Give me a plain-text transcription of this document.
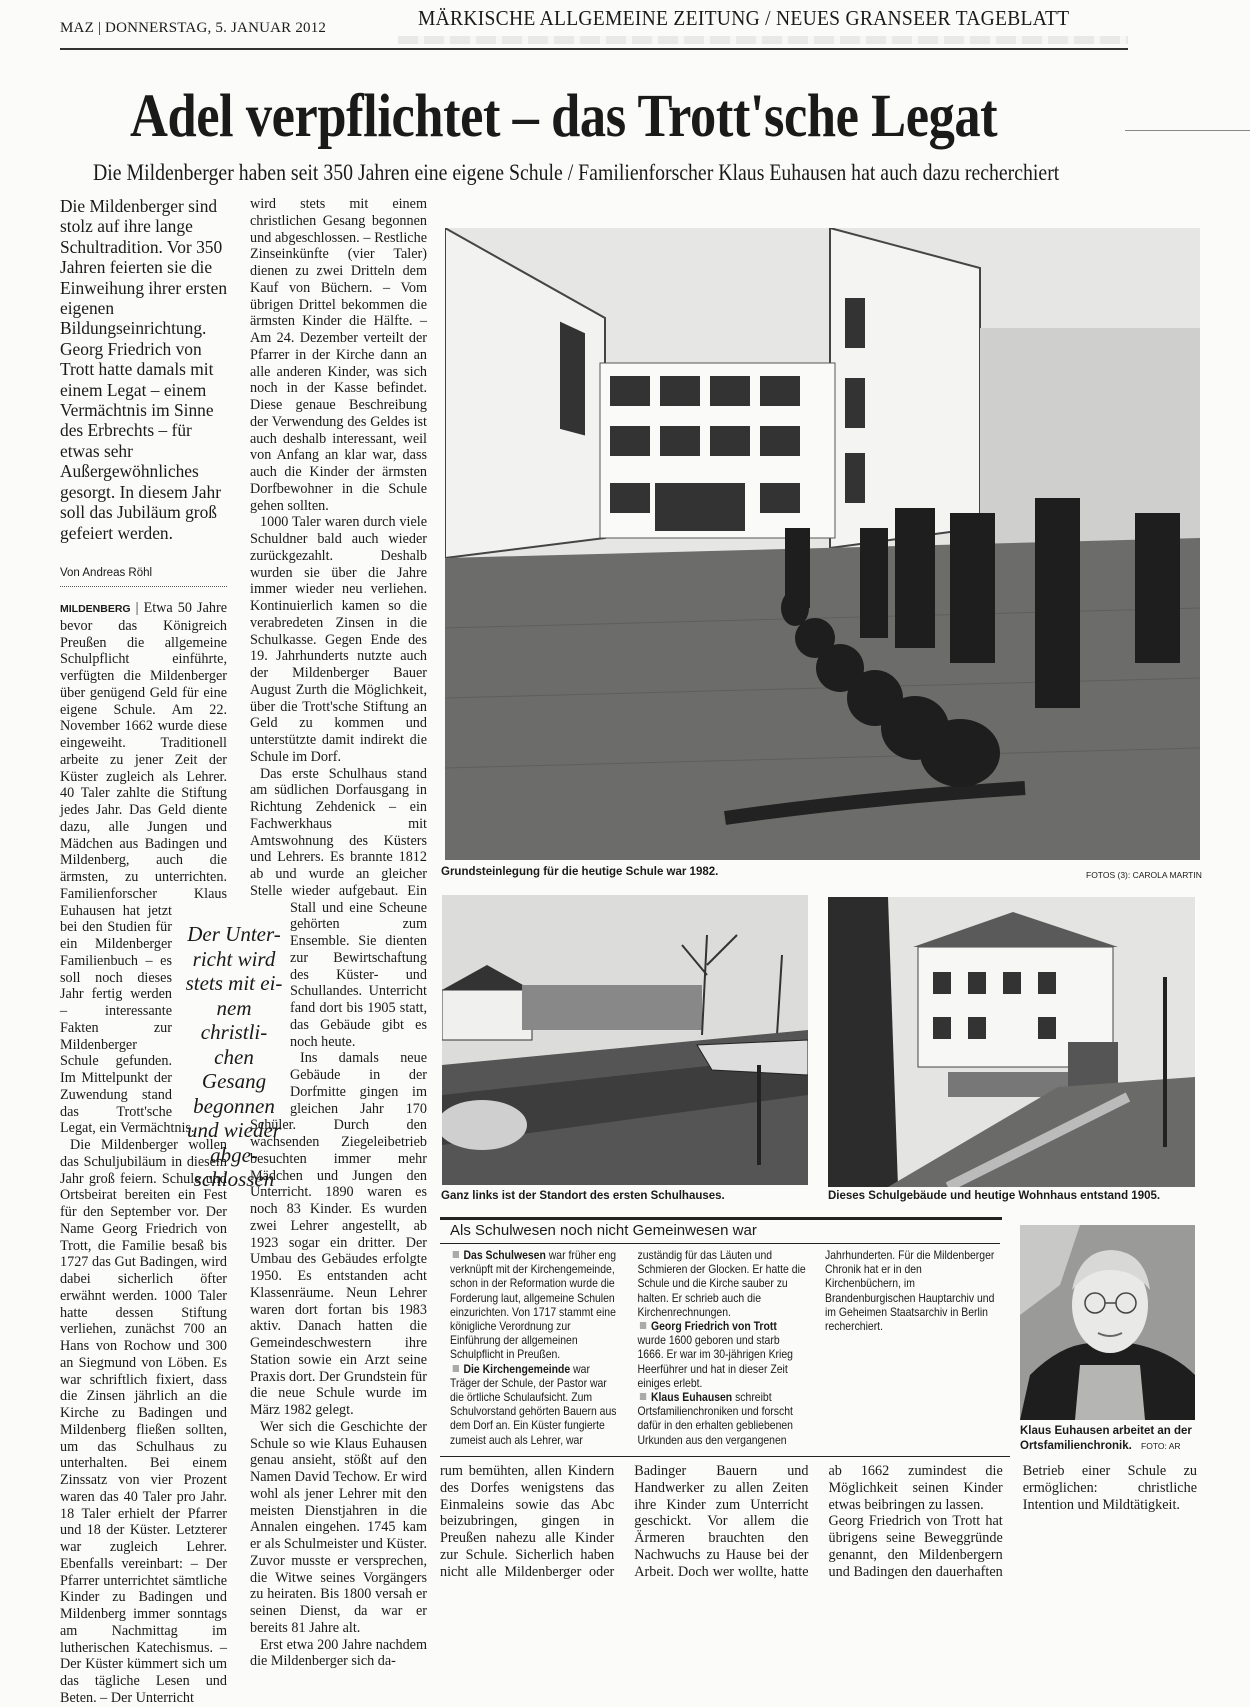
MAZ | DONNERSTAG, 5. JANUAR 2012	MÄRKISCHE ALLGEMEINE ZEITUNG / NEUES GRANSEER TAGEBLATT
Adel verpflichtet – das Trott'sche Legat
Die Mildenberger haben seit 350 Jahren eine eigene Schule / Familienforscher Klaus Euhausen hat auch dazu recherchiert
Die Mildenberger sind stolz auf ihre lange Schultradition. Vor 350 Jahren feierten sie die Einweihung ihrer ersten eigenen Bildungseinrichtung. Georg Friedrich von Trott hatte damals mit einem Legat – einem Vermächtnis im Sinne des Erbrechts – für etwas sehr Außergewöhnliches gesorgt. In diesem Jahr soll das Jubiläum groß gefeiert werden.
Von Andreas Röhl

MILDENBERG | Etwa 50 Jahre bevor das Königreich Preußen die allgemeine Schulpflicht einführte, verfügten die Mildenberger über genügend Geld für eine eigene Schule. Am 22. November 1662 wurde diese eingeweiht. Traditionell arbeite zu jener Zeit der Küster zugleich als Lehrer. 40 Taler zahlte die Stiftung jedes Jahr. Das Geld diente dazu, alle Jungen und Mädchen aus Badingen und Mildenberg, auch die ärmsten, zu unterrichten. Familienforscher Klaus Euhausen hat jetzt bei den Studien für ein Mildenberger Familienbuch – es soll noch dieses Jahr fertig werden – interessante Fakten zur Mildenberger Schule gefunden. Im Mittelpunkt der Zuwendung stand das Trott'sche Legat, ein Vermächtnis.

Die Mildenberger wollen das Schuljubiläum in diesem Jahr groß feiern. Schule und Ortsbeirat bereiten ein Fest für den September vor. Der Name Georg Friedrich von Trott, die Familie besaß bis 1727 das Gut Badingen, wird dabei sicherlich öfter erwähnt werden. 1000 Taler hatte dessen Stiftung verliehen, zunächst 700 an Hans von Rochow und 300 an Siegmund von Löben. Es war schriftlich fixiert, dass die Zinsen jährlich an die Kirche zu Badingen und Mildenberg fließen sollten, um das Schulhaus zu unterhalten. Bei einem Zinssatz von vier Prozent waren das 40 Taler pro Jahr. 18 Taler erhielt der Pfarrer und 18 der Küster. Letzterer war zugleich Lehrer. Ebenfalls vereinbart: – Der Pfarrer unterrichtet sämtliche Kinder zu Badingen und Mildenberg immer sonntags am Nachmittag im lutherischen Katechismus. – Der Küster kümmert sich um das tägliche Lesen und Beten. – Der Unterricht

wird stets mit einem christlichen Gesang begonnen und abgeschlossen. – Restliche Zinseinkünfte (vier Taler) dienen zu zwei Dritteln dem Kauf von Büchern. – Vom übrigen Drittel bekommen die ärmsten Kinder die Hälfte. – Am 24. Dezember verteilt der Pfarrer in der Kirche dann an alle anderen Kinder, was sich noch in der Kasse befindet. Diese genaue Beschreibung der Verwendung des Geldes ist auch deshalb interessant, weil von Anfang an klar war, dass auch die Kinder der ärmsten Dorfbewohner in die Schule gehen sollten.

1000 Taler waren durch viele Schuldner bald auch wieder zurückgezahlt. Deshalb wurden sie über die Jahre immer wieder neu verliehen. Kontinuierlich kamen so die verabredeten Zinsen in die Schulkasse. Gegen Ende des 19. Jahrhunderts nutzte auch der Mildenberger Bauer August Zurth die Möglichkeit, über die Trott'sche Stiftung an Geld zu kommen und unterstützte damit indirekt die Schule im Dorf.

Das erste Schulhaus stand am südlichen Dorfausgang in Richtung Zehdenick – ein Fachwerkhaus mit Amtswohnung des Küsters und Lehrers. Es brannte 1812 ab und wurde an gleicher Stelle wieder aufgebaut. Ein Stall und eine Scheune gehörten zum Ensemble. Sie dienten zur Bewirtschaftung des Küster- und Schullandes. Unterricht fand dort bis 1905 statt, das Gebäude gibt es noch heute.

Ins damals neue Gebäude in der Dorfmitte gingen im gleichen Jahr 170 Schüler. Durch den wachsenden Ziegeleibetrieb besuchten immer mehr Mädchen und Jungen den Unterricht. 1890 waren es noch 83 Kinder. Es wurden zwei Lehrer angestellt, ab 1923 sogar ein dritter. Der Umbau des Gebäudes erfolgte 1950. Es entstanden acht Klassenräume. Neun Lehrer waren dort fortan bis 1983 aktiv. Danach hatten die Gemeindeschwestern ihre Station sowie ein Arzt seine Praxis dort. Der Grundstein für die neue Schule wurde im März 1982 gelegt.

Wer sich die Geschichte der Schule so wie Klaus Euhausen genau ansieht, stößt auf den Namen David Techow. Er wird wohl als jener Lehrer mit den meisten Dienstjahren in die Annalen eingehen. 1745 kam er als Schulmeister und Küster. Zuvor musste er versprechen, die Witwe seines Vorgängers zu heiraten. Bis 1800 versah er seinen Dienst, da war er bereits 81 Jahre alt.

Erst etwa 200 Jahre nachdem die Mildenberger sich da-

Der Unter-
richt wird
stets mit ei-
nem christli-
chen Gesang
begonnen
und wieder
abge-
schlossen
Grundsteinlegung für die heutige Schule war 1982.	FOTOS (3): CAROLA MARTIN
Ganz links ist der Standort des ersten Schulhauses.	Dieses Schulgebäude und heutige Wohnhaus entstand 1905.
Als Schulwesen noch nicht Gemeinwesen war

Das Schulwesen war früher eng verknüpft mit der Kirchengemeinde, schon in der Reformation wurde die Forderung laut, allgemeine Schulen einzurichten. Von 1717 stammt eine königliche Verordnung zur Einführung der allgemeinen Schulpflicht in Preußen.

Die Kirchengemeinde war Träger der Schule, der Pastor war die örtliche Schulaufsicht. Zum Schulvorstand gehörten Bauern aus dem Dorf an. Ein Küster fungierte zumeist auch als Lehrer, war zuständig für das Läuten und Schmieren der Glocken. Er hatte die Schule und die Kirche sauber zu halten. Er schrieb auch die Kirchenrechnungen.

Georg Friedrich von Trott wurde 1600 geboren und starb 1666. Er war im 30-jährigen Krieg Heerführer und hat in dieser Zeit einiges erlebt.

Klaus Euhausen schreibt Ortsfamilienchroniken und forscht dafür in den erhalten gebliebenen Urkunden aus den vergangenen Jahrhunderten. Für die Mildenberger Chronik hat er in den Kirchenbüchern, im Brandenburgischen Hauptarchiv und im Geheimen Staatsarchiv in Berlin recherchiert.

Klaus Euhausen arbeitet an der Ortsfamilienchronik. FOTO: AR

rum bemühten, allen Kindern des Dorfes wenigstens das Einmaleins sowie das Abc beizubringen, gingen in Preußen nahezu alle Kinder zur Schule. Sicherlich haben nicht alle Mildenberger oder Badinger Bauern und Handwerker zu allen Zeiten ihre Kinder zum Unterricht geschickt. Vor allem die Ärmeren brauchten den Nachwuchs zu Hause bei der Arbeit. Doch wer wollte, hatte ab 1662 zumindest die Möglichkeit seinen Kinder etwas beibringen zu lassen.

Georg Friedrich von Trott hat übrigens seine Beweggründe genannt, den Mildenbergern und Badingen den dauerhaften Betrieb einer Schule zu ermöglichen: christliche Intention und Mildtätigkeit.
